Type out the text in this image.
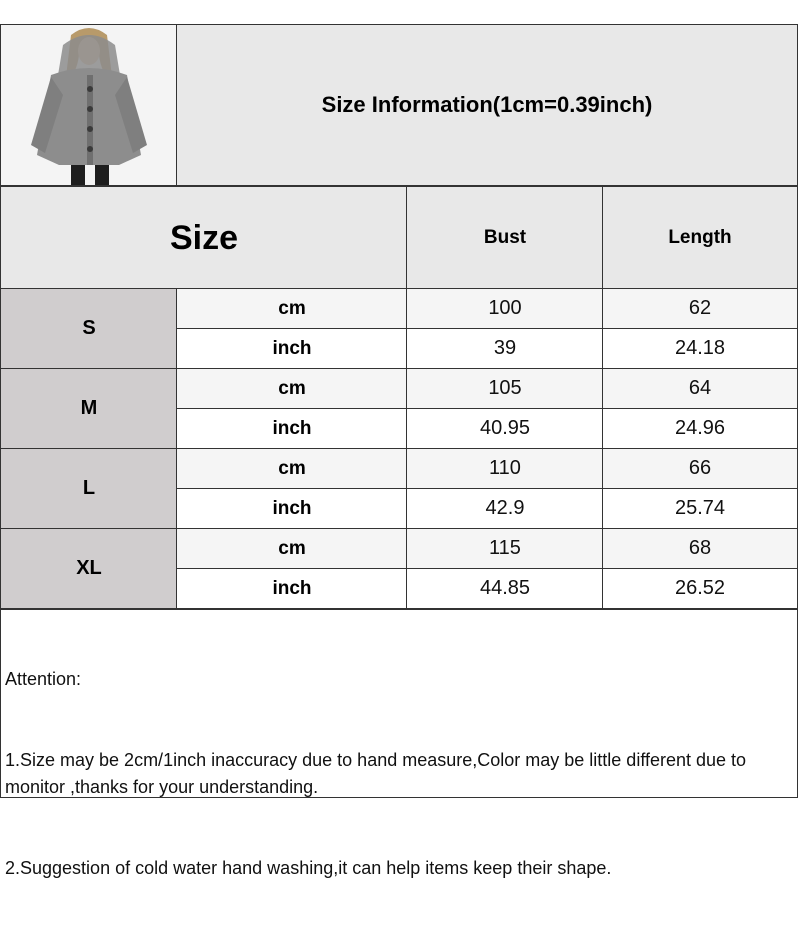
Size Information(1cm=0.39inch)
Size	Bust	Length
S
cm	100	62
inch	39	24.18
M
cm	105	64
inch	40.95	24.96
L
cm	110	66
inch	42.9	25.74
XL
cm	115	68
inch	44.85	26.52

Attention:

1.Size may be 2cm/1inch inaccuracy due to hand measure,Color may be little different due to monitor ,thanks for your understanding.

2.Suggestion of cold water hand washing,it can help items keep their shape.
